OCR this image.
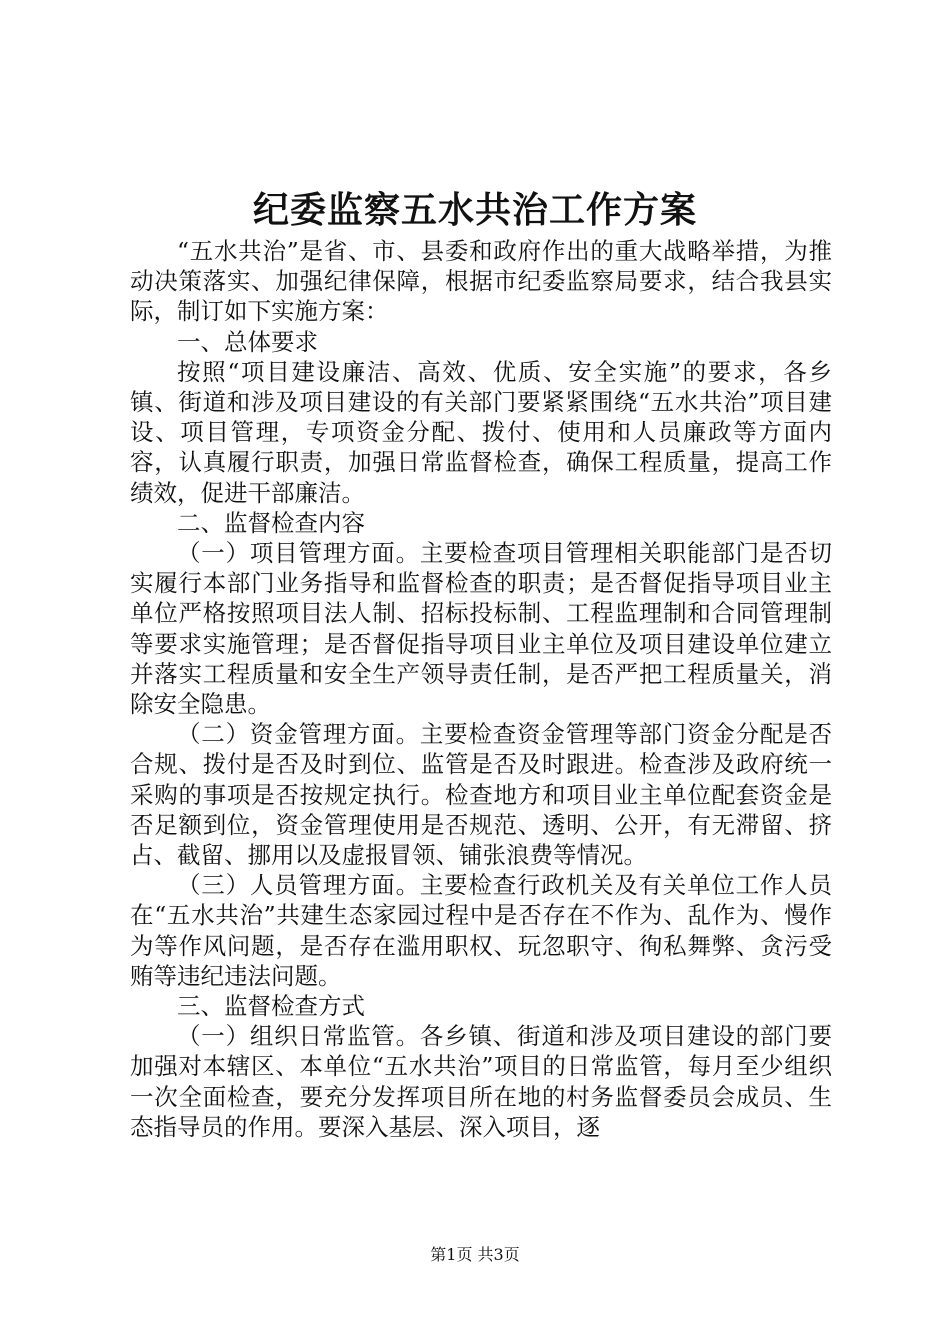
纪委监察五水共治工作方案

“五水共治”是省、市、县委和政府作出的重大战略举措，为推动决策落实、加强纪律保障，根据市纪委监察局要求，结合我县实际，制订如下实施方案：

一、总体要求

按照“项目建设廉洁、高效、优质、安全实施”的要求，各乡镇、街道和涉及项目建设的有关部门要紧紧围绕“五水共治”项目建设、项目管理，专项资金分配、拨付、使用和人员廉政等方面内容，认真履行职责，加强日常监督检查，确保工程质量，提高工作绩效，促进干部廉洁。

二、监督检查内容

（一）项目管理方面。主要检查项目管理相关职能部门是否切实履行本部门业务指导和监督检查的职责；是否督促指导项目业主单位严格按照项目法人制、招标投标制、工程监理制和合同管理制等要求实施管理；是否督促指导项目业主单位及项目建设单位建立并落实工程质量和安全生产领导责任制，是否严把工程质量关，消除安全隐患。

（二）资金管理方面。主要检查资金管理等部门资金分配是否合规、拨付是否及时到位、监管是否及时跟进。检查涉及政府统一采购的事项是否按规定执行。检查地方和项目业主单位配套资金是否足额到位，资金管理使用是否规范、透明、公开，有无滞留、挤占、截留、挪用以及虚报冒领、铺张浪费等情况。

（三）人员管理方面。主要检查行政机关及有关单位工作人员在“五水共治”共建生态家园过程中是否存在不作为、乱作为、慢作为等作风问题，是否存在滥用职权、玩忽职守、徇私舞弊、贪污受贿等违纪违法问题。

三、监督检查方式

（一）组织日常监管。各乡镇、街道和涉及项目建设的部门要加强对本辖区、本单位“五水共治”项目的日常监管，每月至少组织一次全面检查，要充分发挥项目所在地的村务监督委员会成员、生态指导员的作用。要深入基层、深入项目，逐

第1页 共3页
